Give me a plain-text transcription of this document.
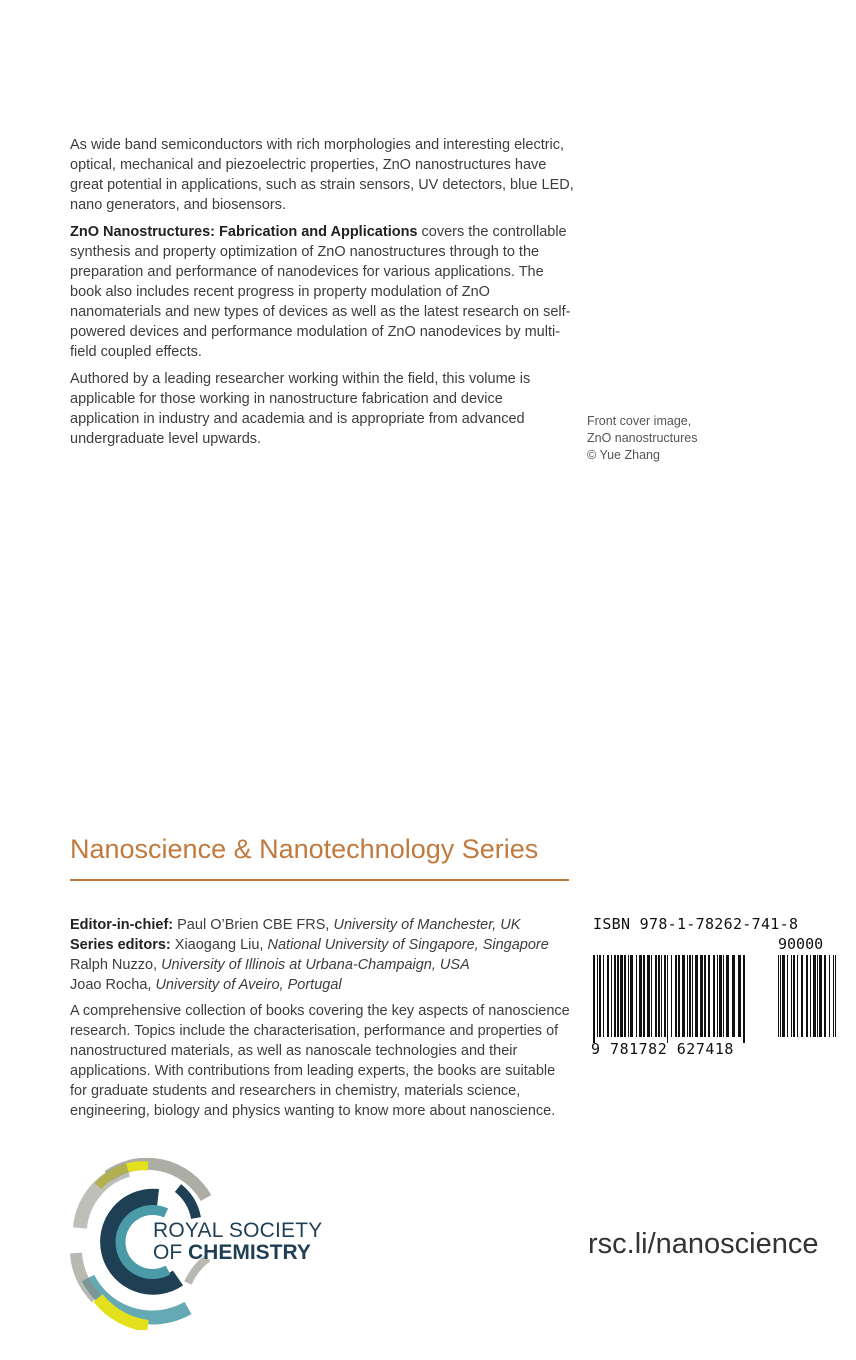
As wide band semiconductors with rich morphologies and interesting electric, optical, mechanical and piezoelectric properties, ZnO nanostructures have great potential in applications, such as strain sensors, UV detectors, blue LED, nano generators, and biosensors.

ZnO Nanostructures: Fabrication and Applications covers the controllable synthesis and property optimization of ZnO nanostructures through to the preparation and performance of nanodevices for various applications. The book also includes recent progress in property modulation of ZnO nanomaterials and new types of devices as well as the latest research on self-powered devices and performance modulation of ZnO nanodevices by multi-field coupled effects.

Authored by a leading researcher working within the field, this volume is applicable for those working in nanostructure fabrication and device application in industry and academia and is appropriate from advanced undergraduate level upwards.

Front cover image,
ZnO nanostructures
© Yue Zhang
Nanoscience & Nanotechnology Series
Editor-in-chief: Paul O’Brien CBE FRS, University of Manchester, UK
Series editors: Xiaogang Liu, National University of Singapore, Singapore
Ralph Nuzzo, University of Illinois at Urbana-Champaign, USA
Joao Rocha, University of Aveiro, Portugal
A comprehensive collection of books covering the key aspects of nanoscience research. Topics include the characterisation, performance and properties of nanostructured materials, as well as nanoscale technologies and their applications. With contributions from leading experts, the books are suitable for graduate students and researchers in chemistry, materials science, engineering, biology and physics wanting to know more about nanoscience.
ISBN 978-1-78262-741-8
90000
9 781782 627418
ROYAL SOCIETY
OF CHEMISTRY	rsc.li/nanoscience
